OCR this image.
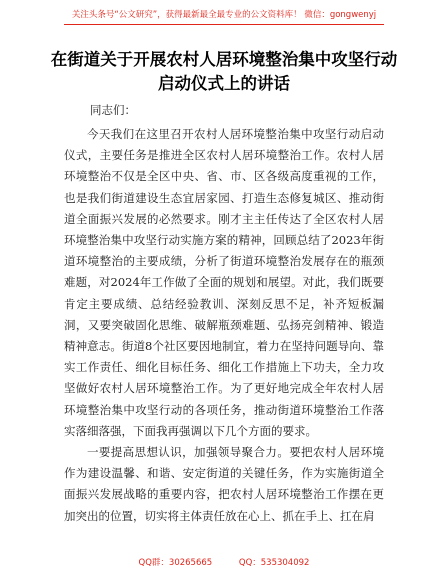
关注头条号“公文研究”，获得最新最全最专业的公文资料库！ 微信：gongwenyj
在街道关于开展农村人居环境整治集中攻坚行动启动仪式上的讲话
同志们：

今天我们在这里召开农村人居环境整治集中攻坚行动启动仪式，主要任务是推进全区农村人居环境整治工作。农村人居环境整治不仅是全区中央、省、市、区各级高度重视的工作，也是我们街道建设生态宜居家园、打造生态修复城区、推动街道全面振兴发展的必然要求。刚才主主任传达了全区农村人居环境整治集中攻坚行动实施方案的精神，回顾总结了2023年街道环境整治的主要成绩，分析了街道环境整治发展存在的瓶颈难题，对2024年工作做了全面的规划和展望。对此，我们既要肯定主要成绩、总结经验教训、深刻反思不足，补齐短板漏洞，又要突破固化思维、破解瓶颈难题、弘扬亮剑精神、锻造精神意志。街道8个社区要因地制宜，着力在坚持问题导向、靠实工作责任、细化目标任务、细化工作措施上下功夫，全力攻坚做好农村人居环境整治工作。为了更好地完成全年农村人居环境整治集中攻坚行动的各项任务，推动街道环境整治工作落实落细落强，下面我再强调以下几个方面的要求。

一要提高思想认识，加强领导聚合力。要把农村人居环境作为建设温馨、和谐、安定街道的关键任务，作为实施街道全面振兴发展战略的重要内容，把农村人居环境整治工作摆在更加突出的位置，切实将主体责任放在心上、抓在手上、扛在肩

QQ群：30265665	QQ：535304092
